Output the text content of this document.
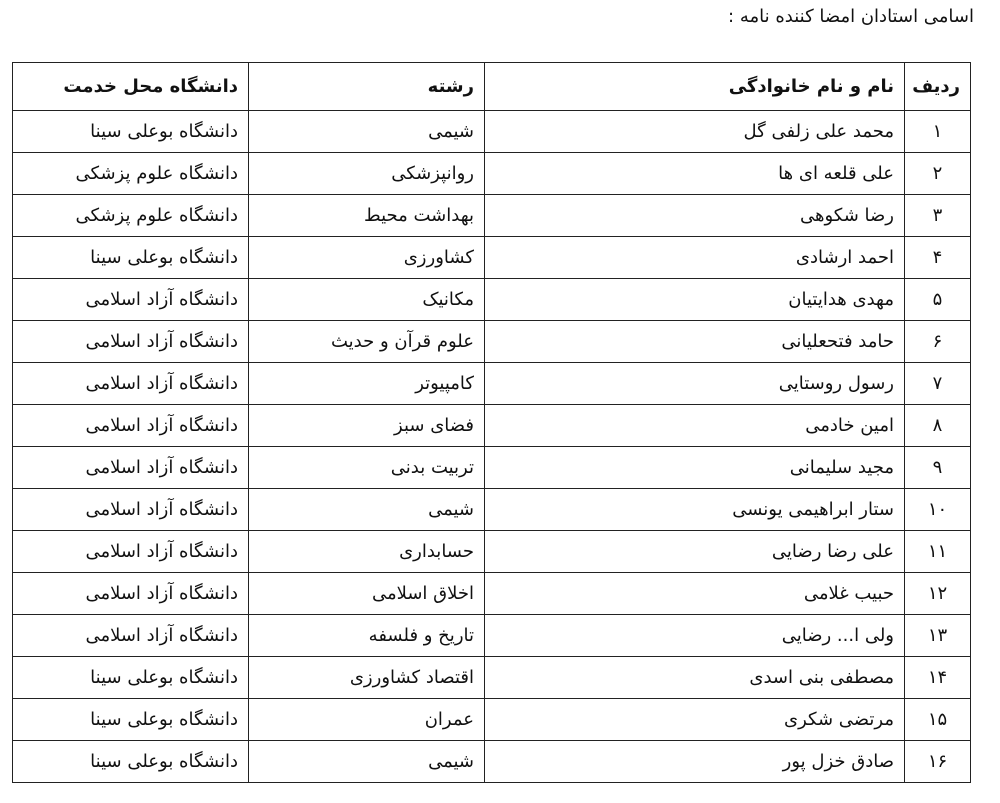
اسامی استادان امضا کننده نامه :
ردیف	نام و نام خانوادگی	رشته	دانشگاه محل خدمت
۱	محمد علی زلفی گل	شیمی	دانشگاه بوعلی سینا
۲	علی قلعه ای ها	روانپزشکی	دانشگاه علوم پزشکی
۳	رضا شکوهی	بهداشت محیط	دانشگاه علوم پزشکی
۴	احمد ارشادی	کشاورزی	دانشگاه بوعلی سینا
۵	مهدی هدایتیان	مکانیک	دانشگاه آزاد اسلامی
۶	حامد فتحعلیانی	علوم قرآن و حدیث	دانشگاه آزاد اسلامی
۷	رسول روستایی	کامپیوتر	دانشگاه آزاد اسلامی
۸	امین خادمی	فضای سبز	دانشگاه آزاد اسلامی
۹	مجید سلیمانی	تربیت بدنی	دانشگاه آزاد اسلامی
۱۰	ستار ابراهیمی یونسی	شیمی	دانشگاه آزاد اسلامی
۱۱	علی رضا رضایی	حسابداری	دانشگاه آزاد اسلامی
۱۲	حبیب غلامی	اخلاق اسلامی	دانشگاه آزاد اسلامی
۱۳	ولی ا... رضایی	تاریخ و فلسفه	دانشگاه آزاد اسلامی
۱۴	مصطفی بنی اسدی	اقتصاد کشاورزی	دانشگاه بوعلی سینا
۱۵	مرتضی شکری	عمران	دانشگاه بوعلی سینا
۱۶	صادق خزل پور	شیمی	دانشگاه بوعلی سینا
